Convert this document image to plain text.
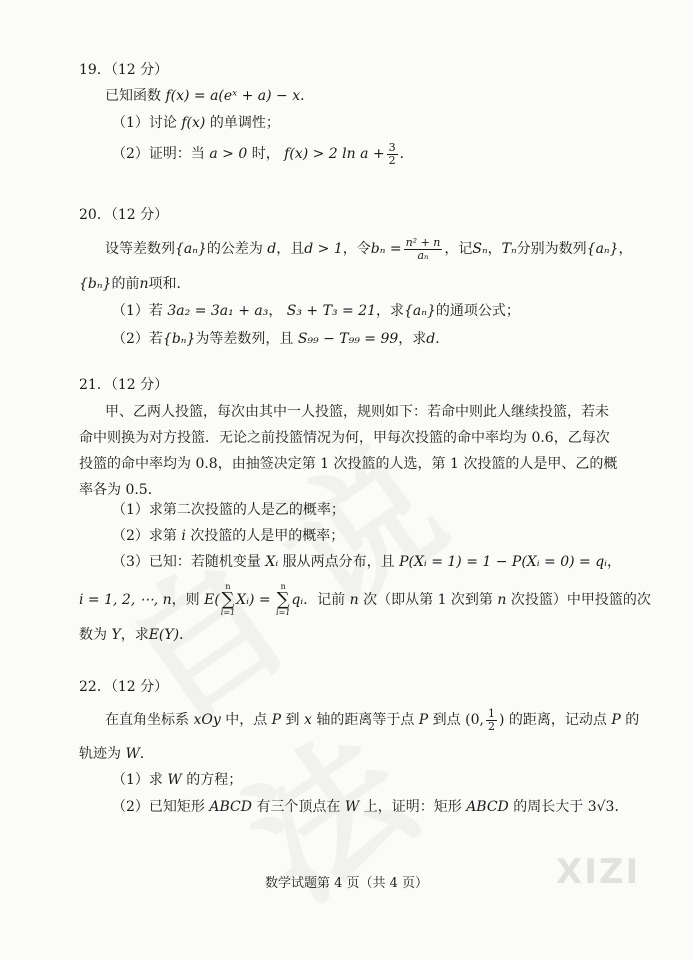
19．（12 分）
已知函数 f(x) = a(eˣ + a) − x．
（1）讨论 f(x) 的单调性；
（2）证明：当 a > 0 时， f(x) > 2 $\ln a + \frac{3}{2}$ ．
20．（12 分）
设等差数列{aₙ}的公差为 d，且d > 1，令$b_n = \frac{\text{n² + n}}{\text{aₙ}}$ ，记Sₙ，Tₙ分别为数列{aₙ}，
{bₙ}的前n项和．
（1）若 3a₂ = 3a₁ + a₃， S₃ + T₃ = 21，求{aₙ}的通项公式；
（2）若{bₙ}为等差数列，且 S₉₉ − T₉₉ = 99，求d．
21．（12 分）
甲、乙两人投篮，每次由其中一人投篮，规则如下：若命中则此人继续投篮，若未
命中则换为对方投篮．无论之前投篮情况为何，甲每次投篮的命中率均为 0.6，乙每次
投篮的命中率均为 0.8，由抽签决定第 1 次投篮的人选，第 1 次投篮的人是甲、乙的概
率各为 0.5．
（1）求第二次投篮的人是乙的概率；
（2）求第 i 次投篮的人是甲的概率；
（3）已知：若随机变量 Xᵢ 服从两点分布，且 P(Xᵢ = 1) = 1 − P(Xᵢ = 0) = qᵢ，
i = 1, 2, ⋯, n，则 E(n
∑
i=1Xᵢ) = n
∑
i=1qᵢ．记前 n 次（即从第 1 次到第 n 次投篮）中甲投篮的次
数为 Y，求E(Y)．
22．（12 分）
在直角坐标系 xOy 中，点 P 到 x 轴的距离等于点 P 到点 (0, $\frac{1}{2}$ ) 的距离，记动点 P 的
轨迹为 W．
（1）求 W 的方程；
（2）已知矩形 ABCD 有三个顶点在 W 上，证明：矩形 ABCD 的周长大于 3√3．
XIZI
数学试题第 4 页（共 4 页）
